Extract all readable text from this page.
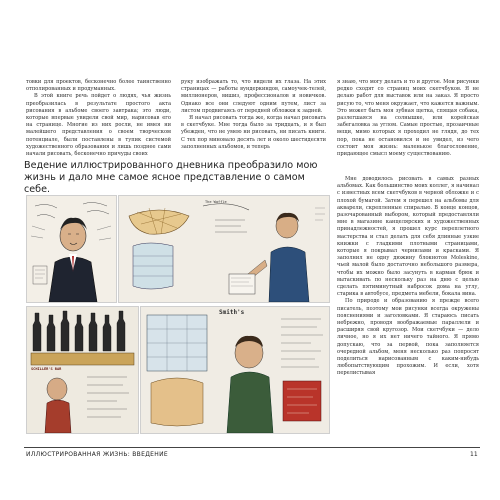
товки для проектов, бесконечно более таинственно отполированных и продуманных.

В этой книге речь пойдет о людях, чья жизнь преобразилась в результате простого акта рисования в альбоме своего завтрака; это люди, которые впервые увидели свой мир, нарисовав его на странице. Многие из них росли, не имея ни малейшего представления о своем творческом потенциале, были поставлены в тупик системой художественного образования и лишь позднее сами начали рисовать, бесконечно причуды своих

руку изображать то, что видели их глаза. На этих страницах — работы вундеркиндов, самоучек-телей, миллионеров, вишиз, профессионалов и новичков. Однако все они следуют одним путем, лист за листом продвигаясь от передней обложки к задней.

Я начал рисовать тогда же, когда начал рисовать в скетчбуке. Мне тогда было за тридцать, и я был убежден, что не умею ни рисовать, ни писать книги. С тех пор миновало десять лет и около шестидесяти заполненных альбомов, и теперь

я знаю, что могу делать и то и другое. Мои рисунки редко сходят со страниц моих скетчбуков. Я не делаю работ для выставок или на заказ. Я просто рисую то, что меня окружает, что кажется важным. Это может быть моя зубная щетка, спящая собака, разлегшаяся на солнышке, или корейская забегаловка за углом. Самые простые, прозаичные вещи, мимо которых я проходил не глядя, до тех пор, пока не остановился и не увидел, из чего состоит моя жизнь: маленькое благословение, придающее смысл моему существованию.

Мне доводилось рисовать в самых разных альбомах. Как большинство моих коллег, я начинал с известных всем скетчбуков в черной обложке и с плохой бумагой. Затем я перешел на альбомы для акварели, скрепленные спиралью. В конце концов, разочарованный выбором, который предоставляли мне в магазине канцелярских и художественных принадлежностей, я прошел курс переплетного мастерства и стал делать для себя длинные узкие книжки с гладкими плотными страницами, которые я покрывал чернилами и красками. Я заполнил не одну дюжину блокнотов Moleskine, чьей малой было достаточно небольшого размера, чтобы их можно было засунуть в карман брюк и вытаскивать по нескольку раз на дню с целью сделать пятиминутный набросок дома на углу, старика в автобусе, предмета мебели, бокала вина.

По природе и образованию я прежде всего писатель, поэтому мои рисунки всегда окружены пояснениями и заголовками. Я стараюсь писать небрежно, проводя воображаемые параллели и расширяя свой кругозор. Мои скетчбуки — дело личное, но я их нет ничего тайного. Я прямо допускаю, что за первой, пока заполняется очередной альбом, меня несколько раз попросят поделиться нарисованным с каким-нибудь любопытствующим прохожим. И если, хотя перелистывая

Ведение иллюстрированного дневника преобразило мою жизнь и дало мне самое ясное представление о самом себе.
The Waffle
SCHILLER'S BAR
Smith's
ИЛЛЮСТРИРОВАННАЯ ЖИЗНЬ: ВВЕДЕНИЕ	11
